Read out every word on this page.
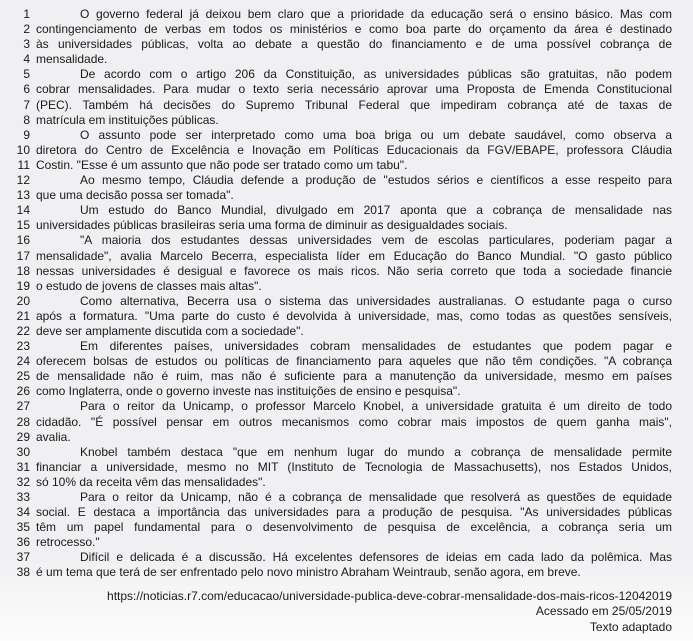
1	O governo federal já deixou bem claro que a prioridade da educação será o ensino básico. Mas com
2 contingenciamento de verbas em todos os ministérios e como boa parte do orçamento da área é destinado
3 às universidades públicas, volta ao debate a questão do financiamento e de uma possível cobrança de
4 mensalidade.
5	De acordo com o artigo 206 da Constituição, as universidades públicas são gratuitas, não podem
6 cobrar mensalidades. Para mudar o texto seria necessário aprovar uma Proposta de Emenda Constitucional
7 (PEC). Também há decisões do Supremo Tribunal Federal que impediram cobrança até de taxas de
8 matrícula em instituições públicas.
9	O assunto pode ser interpretado como uma boa briga ou um debate saudável, como observa a
10 diretora do Centro de Excelência e Inovação em Políticas Educacionais da FGV/EBAPE, professora Cláudia
11 Costin. "Esse é um assunto que não pode ser tratado como um tabu".
12	Ao mesmo tempo, Cláudia defende a produção de "estudos sérios e científicos a esse respeito para
13 que uma decisão possa ser tomada".
14	Um estudo do Banco Mundial, divulgado em 2017 aponta que a cobrança de mensalidade nas
15 universidades públicas brasileiras seria uma forma de diminuir as desigualdades sociais.
16	"A maioria dos estudantes dessas universidades vem de escolas particulares, poderiam pagar a
17 mensalidade", avalia Marcelo Becerra, especialista líder em Educação do Banco Mundial. "O gasto público
18 nessas universidades é desigual e favorece os mais ricos. Não seria correto que toda a sociedade financie
19 o estudo de jovens de classes mais altas".
20	Como alternativa, Becerra usa o sistema das universidades australianas. O estudante paga o curso
21 após a formatura. "Uma parte do custo é devolvida à universidade, mas, como todas as questões sensíveis,
22 deve ser amplamente discutida com a sociedade".
23	Em diferentes países, universidades cobram mensalidades de estudantes que podem pagar e
24 oferecem bolsas de estudos ou políticas de financiamento para aqueles que não têm condições. "A cobrança
25 de mensalidade não é ruim, mas não é suficiente para a manutenção da universidade, mesmo em países
26 como Inglaterra, onde o governo investe nas instituições de ensino e pesquisa".
27	Para o reitor da Unicamp, o professor Marcelo Knobel, a universidade gratuita é um direito de todo
28 cidadão. "É possível pensar em outros mecanismos como cobrar mais impostos de quem ganha mais",
29 avalia.
30	Knobel também destaca "que em nenhum lugar do mundo a cobrança de mensalidade permite
31 financiar a universidade, mesmo no MIT (Instituto de Tecnologia de Massachusetts), nos Estados Unidos,
32 só 10% da receita vêm das mensalidades".
33	Para o reitor da Unicamp, não é a cobrança de mensalidade que resolverá as questões de equidade
34 social. E destaca a importância das universidades para a produção de pesquisa. "As universidades públicas
35 têm um papel fundamental para o desenvolvimento de pesquisa de excelência, a cobrança seria um
36 retrocesso."
37	Difícil e delicada é a discussão. Há excelentes defensores de ideias em cada lado da polêmica. Mas
38 é um tema que terá de ser enfrentado pelo novo ministro Abraham Weintraub, senão agora, em breve.
https://noticias.r7.com/educacao/universidade-publica-deve-cobrar-mensalidade-dos-mais-ricos-12042019
Acessado em 25/05/2019
Texto adaptado
